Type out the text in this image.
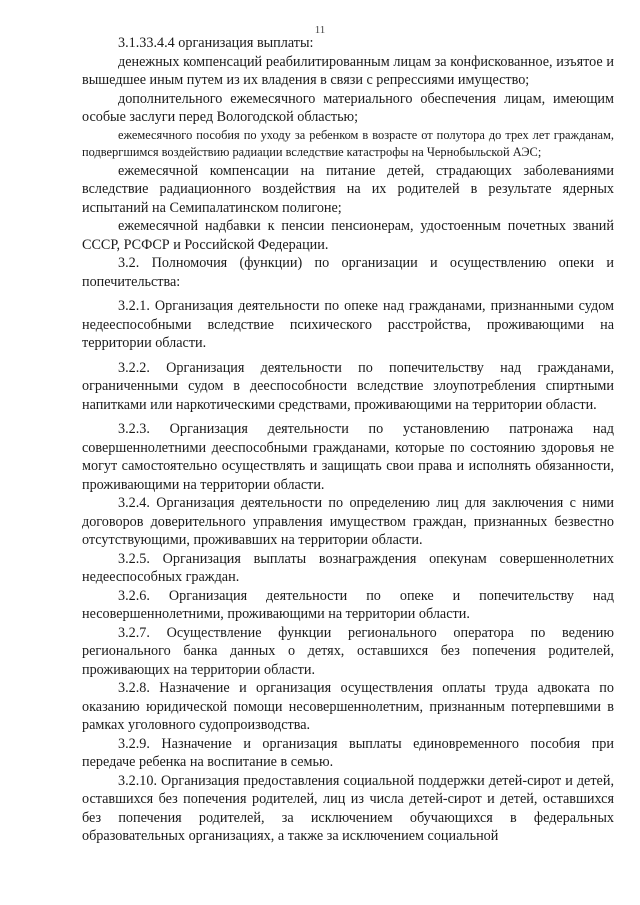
11

3.1.33.4.4 организация выплаты:

денежных компенсаций реабилитированным лицам за конфискованное, изъятое и вышедшее иным путем из их владения в связи с репрессиями имущество;

дополнительного ежемесячного материального обеспечения лицам, имеющим особые заслуги перед Вологодской областью;

ежемесячного пособия по уходу за ребенком в возрасте от полутора до трех лет гражданам, подвергшимся воздействию радиации вследствие катастрофы на Чернобыльской АЭС;

ежемесячной компенсации на питание детей, страдающих заболеваниями вследствие радиационного воздействия на их родителей в результате ядерных испытаний на Семипалатинском полигоне;

ежемесячной надбавки к пенсии пенсионерам, удостоенным почетных званий СССР, РСФСР и Российской Федерации.

3.2. Полномочия (функции) по организации и осуществлению опеки и попечительства:

3.2.1. Организация деятельности по опеке над гражданами, признанными судом недееспособными вследствие психического расстройства, проживающими на территории области.

3.2.2. Организация деятельности по попечительству над гражданами, ограниченными судом в дееспособности вследствие злоупотребления спиртными напитками или наркотическими средствами, проживающими на территории области.

3.2.3. Организация деятельности по установлению патронажа над совершеннолетними дееспособными гражданами, которые по состоянию здоровья не могут самостоятельно осуществлять и защищать свои права и исполнять обязанности, проживающими на территории области.

3.2.4. Организация деятельности по определению лиц для заключения с ними договоров доверительного управления имуществом граждан, признанных безвестно отсутствующими, проживавших на территории области.

3.2.5. Организация выплаты вознаграждения опекунам совершеннолетних недееспособных граждан.

3.2.6. Организация деятельности по опеке и попечительству над несовершеннолетними, проживающими на территории области.

3.2.7. Осуществление функции регионального оператора по ведению регионального банка данных о детях, оставшихся без попечения родителей, проживающих на территории области.

3.2.8. Назначение и организация осуществления оплаты труда адвоката по оказанию юридической помощи несовершеннолетним, признанным потерпевшими в рамках уголовного судопроизводства.

3.2.9. Назначение и организация выплаты единовременного пособия при передаче ребенка на воспитание в семью.

3.2.10. Организация предоставления социальной поддержки детей-сирот и детей, оставшихся без попечения родителей, лиц из числа детей-сирот и детей, оставшихся без попечения родителей, за исключением обучающихся в федеральных образовательных организациях, а также за исключением социальной
